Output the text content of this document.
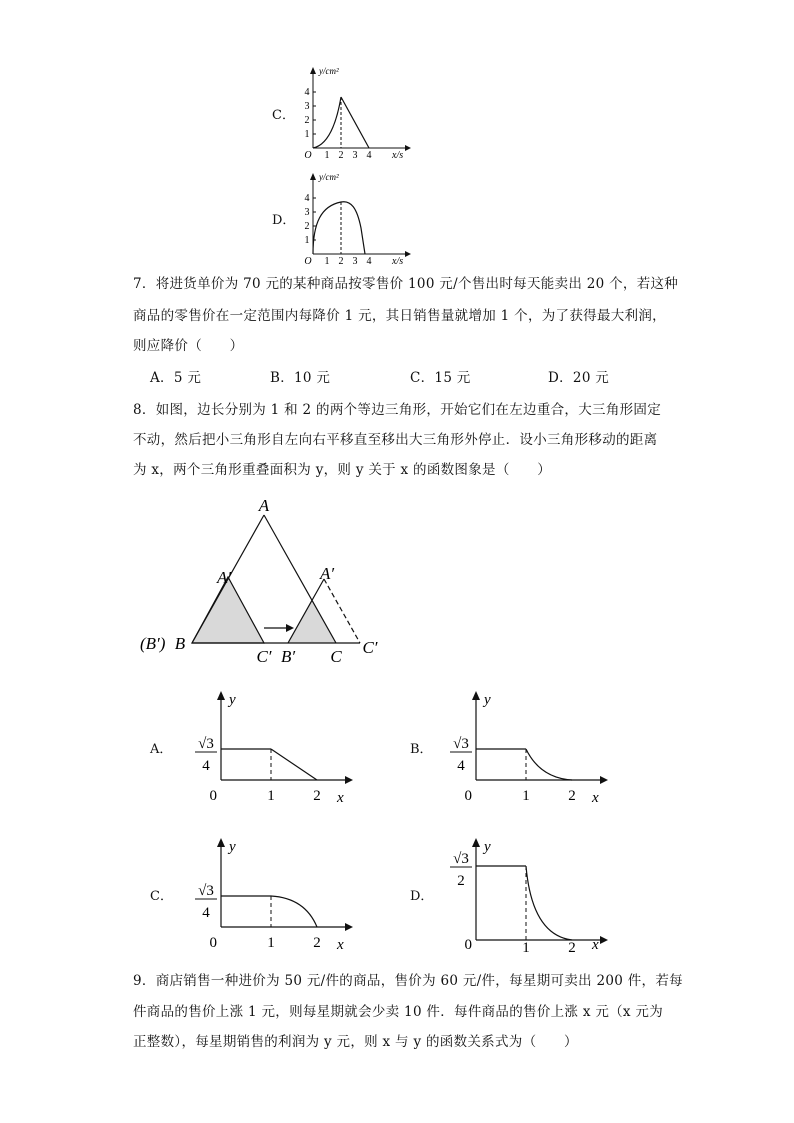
C．
1
2
3
4
y/cm²
O 1 2 3 4 x/s
D．
1
2
3
4
y/cm²
O 1 2 3 4 x/s
7．将进货单价为 70 元的某种商品按零售价 100 元/个售出时每天能卖出 20 个，若这种
商品的零售价在一定范围内每降价 1 元，其日销售量就增加 1 个，为了获得最大利润，
则应降价（　　）
A．5 元	B．10 元	C．15 元	D．20 元
8．如图，边长分别为 1 和 2 的两个等边三角形，开始它们在左边重合，大三角形固定
不动，然后把小三角形自左向右平移直至移出大三角形外停止．设小三角形移动的距离
为 x，两个三角形重叠面积为 y，则 y 关于 x 的函数图象是（　　）
A
A′	A′
(B′) B
C′ B′ C C′
A．
y
0	1	2 x
√3
4
B．
y
0	1	2 x
√3
4
C．
y
0	1	2 x
√3
4
D．
y
0	1	2 x
√3
2
9．商店销售一种进价为 50 元/件的商品，售价为 60 元/件，每星期可卖出 200 件，若每
件商品的售价上涨 1 元，则每星期就会少卖 10 件．每件商品的售价上涨 x 元（x 元为
正整数），每星期销售的利润为 y 元，则 x 与 y 的函数关系式为（　　）
